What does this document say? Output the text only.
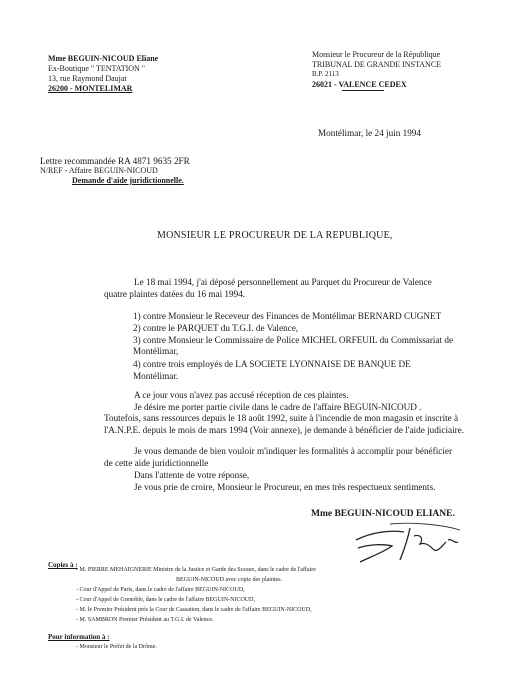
Mme BEGUIN-NICOUD Eliane
Ex-Boutique " TENTATION "
13, rue Raymond Daujat
26200 - MONTELIMAR
Monsieur le Procureur de la République
TRIBUNAL DE GRANDE INSTANCE
B.P. 2113
26021 - VALENCE CEDEX
Montélimar, le 24 juin 1994
Lettre recommandée RA 4871 9635 2FR
N/REF - Affaire BEGUIN-NICOUD
Demande d'aide juridictionnelle.
MONSIEUR LE PROCUREUR DE LA REPUBLIQUE,
Le 18 mai 1994, j'ai déposé personnellement au Parquet du Procureur de Valence
quatre plaintes datées du 16 mai 1994.
1) contre Monsieur le Receveur des Finances de Montélimar BERNARD CUGNET
2) contre le PARQUET du T.G.I. de Valence,
3) contre Monsieur le Commissaire de Police MICHEL ORFEUIL du Commissariat de
Montélimar,
4) contre trois employés de LA SOCIETE LYONNAISE DE BANQUE DE
Montélimar.
A ce jour vous n'avez pas accusé réception de ces plaintes.
Je désire me porter partie civile dans le cadre de l'affaire BEGUIN-NICOUD .
Toutefois, sans ressources depuis le 18 août 1992, suite à l'incendie de mon magasin et inscrite à
l'A.N.P.E. depuis le mois de mars 1994 (Voir annexe), je demande à bénéficier de l'aide judiciaire.
Je vous demande de bien vouloir m'indiquer les formalités à accomplir pour bénéficier
de cette aide juridictionnelle
Dans l'attente de votre réponse,
Je vous prie de croire, Monsieur le Procureur, en mes très respectueux sentiments.
Mme BEGUIN-NICOUD ELIANE.
Copies à :
- M. PIERRE MEHAIGNERIE Ministre de la Justice et Garde des Sceaux, dans le cadre de l'affaire
BEGUIN-NICOUD avec copie des plaintes.
- Cour d'Appel de Paris, dans le cadre de l'affaire BEGUIN-NICOUD,
- Cour d'Appel de Grenoble, dans le cadre de l'affaire BEGUIN-NICOUD,
- M. le Premier Président près la Cour de Cassation, dans le cadre de l'affaire BEGUIN-NICOUD,
- M. SAMBRON Premier Président au T.G.I. de Valence.
Pour information à :
- Monsieur le Préfet de la Drôme.
